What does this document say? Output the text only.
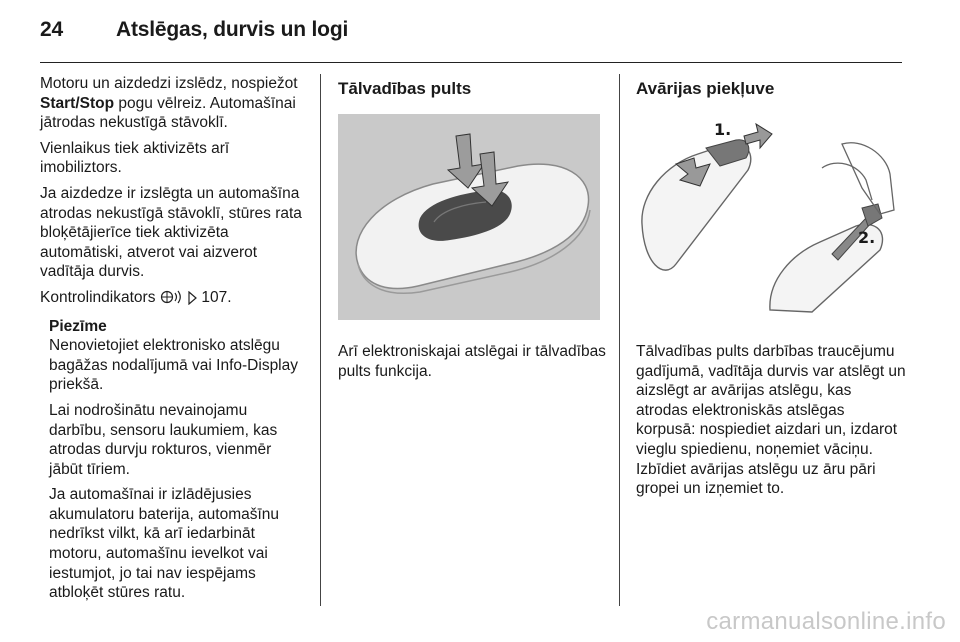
24	Atslēgas, durvis un logi

Motoru un aizdedzi izslēdz, nospiežot Start/Stop pogu vēlreiz. Automašīnai jātrodas nekustīgā stāvoklī.

Vienlaikus tiek aktivizēts arī imobiliztors.

Ja aizdedze ir izslēgta un automašīna atrodas nekustīgā stāvoklī, stūres rata bloķētājierīce tiek aktivizēta automātiski, atverot vai aizverot vadītāja durvis.

Kontrolindikators	107.

Piezīme

Nenovietojiet elektronisko atslēgu bagāžas nodalījumā vai Info-Display priekšā.

Lai nodrošinātu nevainojamu darbību, sensoru laukumiem, kas atrodas durvju rokturos, vienmēr jābūt tīriem.

Ja automašīnai ir izlādējusies akumulatoru baterija, automašīnu nedrīkst vilkt, kā arī iedarbināt motoru, automašīnu ievelkot vai iestumjot, jo tai nav iespējams atbloķēt stūres ratu.

Tālvadības pults

Arī elektroniskajai atslēgai ir tālvadības pults funkcija.

Avārijas piekļuve
1.
2.

Tālvadības pults darbības traucējumu gadījumā, vadītāja durvis var atslēgt un aizslēgt ar avārijas atslēgu, kas atrodas elektroniskās atslēgas korpusā: nospiediet aizdari un, izdarot vieglu spiedienu, noņemiet vāciņu. Izbīdiet avārijas atslēgu uz āru pāri gropei un izņemiet to.

carmanualsonline.info
